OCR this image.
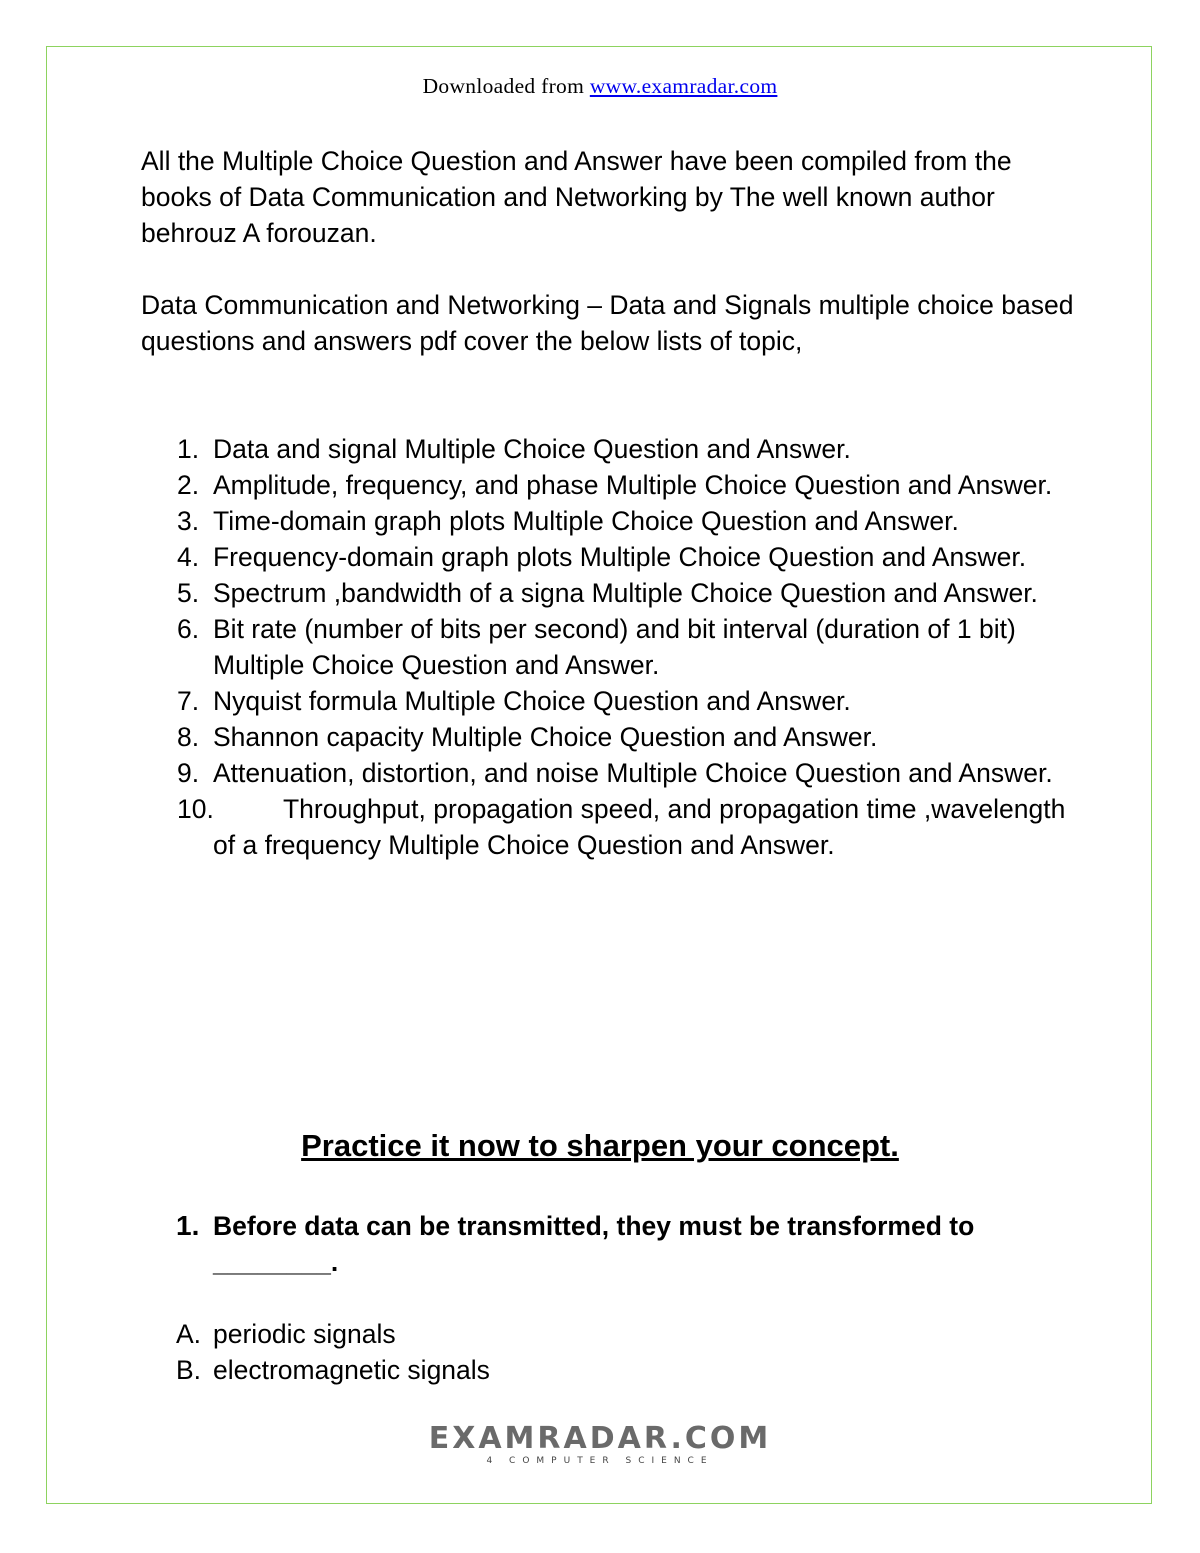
Downloaded from www.examradar.com
All the Multiple Choice Question and Answer have been compiled from the books of Data Communication and Networking by The well known author behrouz A forouzan.
Data Communication and Networking – Data and Signals multiple choice based questions and answers pdf cover the below lists of topic,
1. Data and signal Multiple Choice Question and Answer.
2. Amplitude, frequency, and phase Multiple Choice Question and Answer.
3. Time-domain graph plots Multiple Choice Question and Answer.
4. Frequency-domain graph plots Multiple Choice Question and Answer.
5. Spectrum ,bandwidth of a signa Multiple Choice Question and Answer.
6. Bit rate (number of bits per second) and bit interval (duration of 1 bit) Multiple Choice Question and Answer.
7. Nyquist formula Multiple Choice Question and Answer.
8. Shannon capacity Multiple Choice Question and Answer.
9. Attenuation, distortion, and noise Multiple Choice Question and Answer.
10.	Throughput, propagation speed, and propagation time ,wavelength of a frequency Multiple Choice Question and Answer.
Practice it now to sharpen your concept.
1. Before data can be transmitted, they must be transformed to ________.
A. periodic signals
B. electromagnetic signals
EXAMRADAR.COM
4 COMPUTER SCIENCE
